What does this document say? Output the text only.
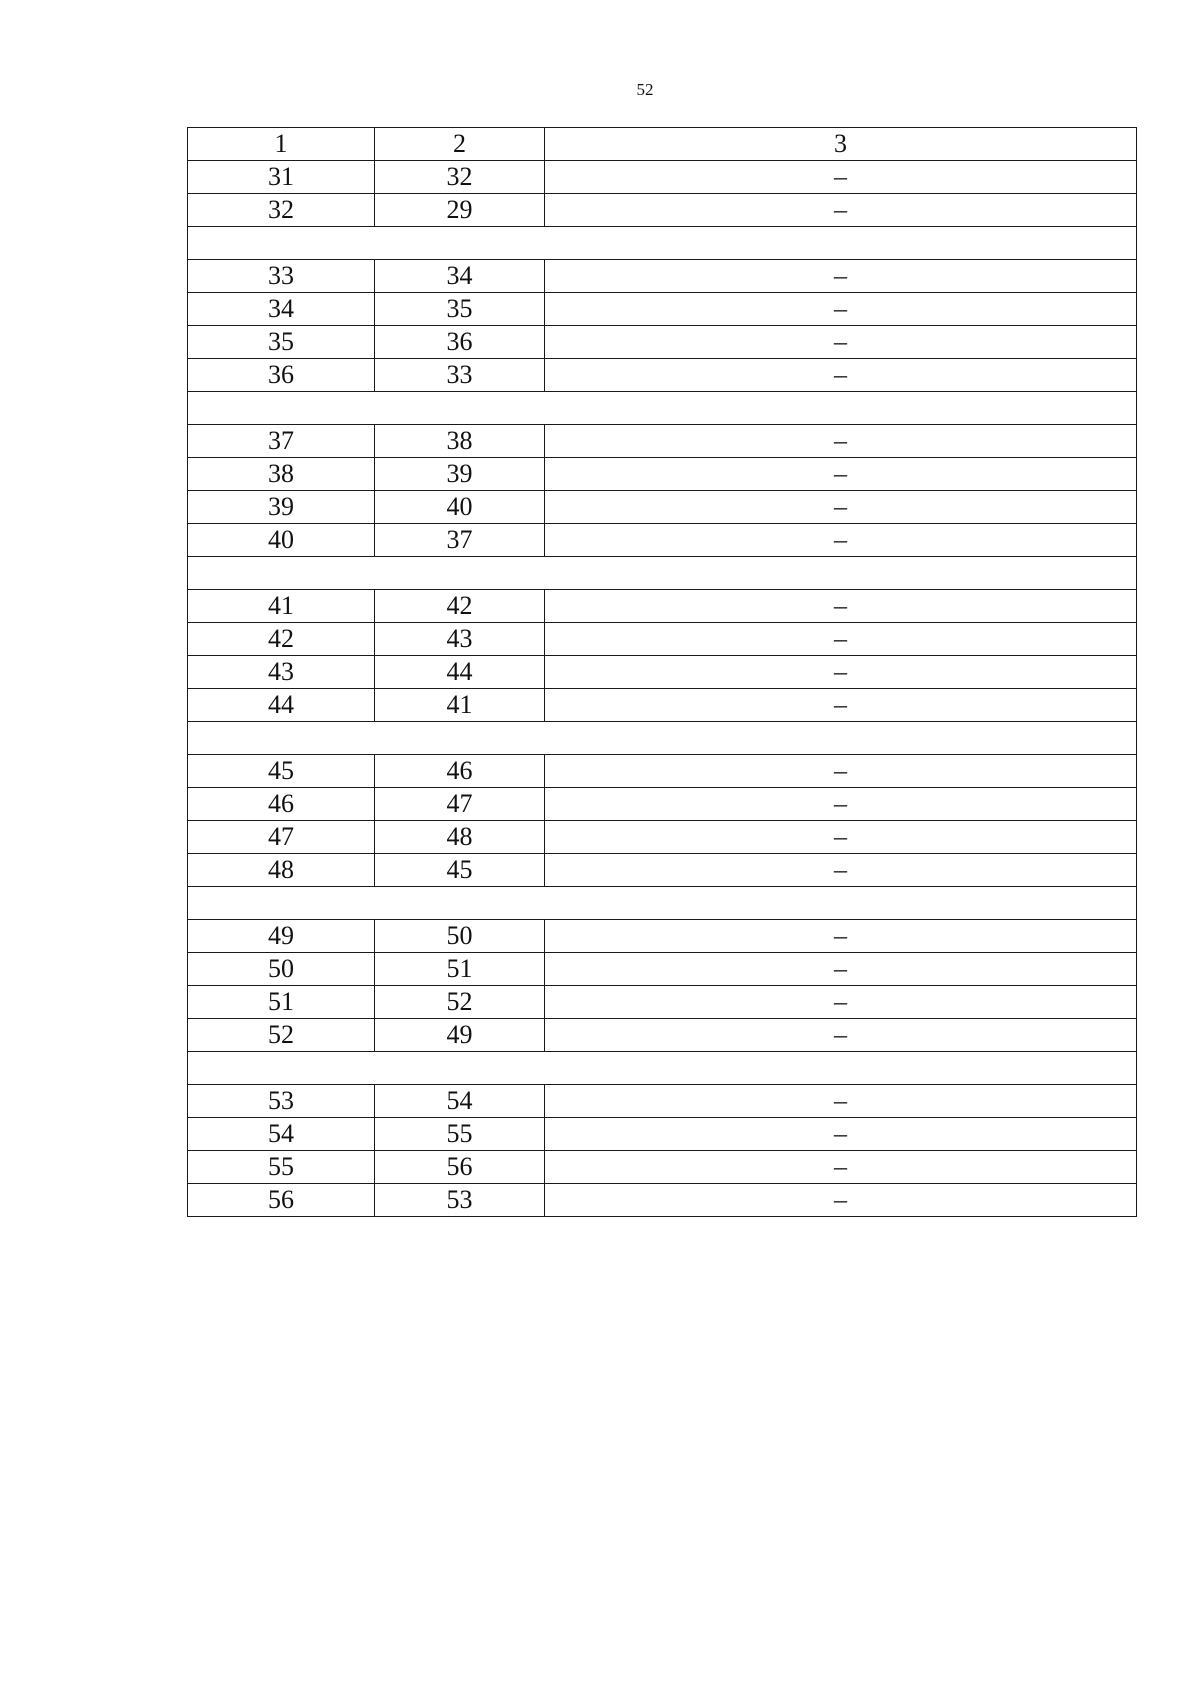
52
1	2	3
31	32	–
32	29	–

33	34	–
34	35	–
35	36	–
36	33	–

37	38	–
38	39	–
39	40	–
40	37	–

41	42	–
42	43	–
43	44	–
44	41	–

45	46	–
46	47	–
47	48	–
48	45	–

49	50	–
50	51	–
51	52	–
52	49	–

53	54	–
54	55	–
55	56	–
56	53	–
